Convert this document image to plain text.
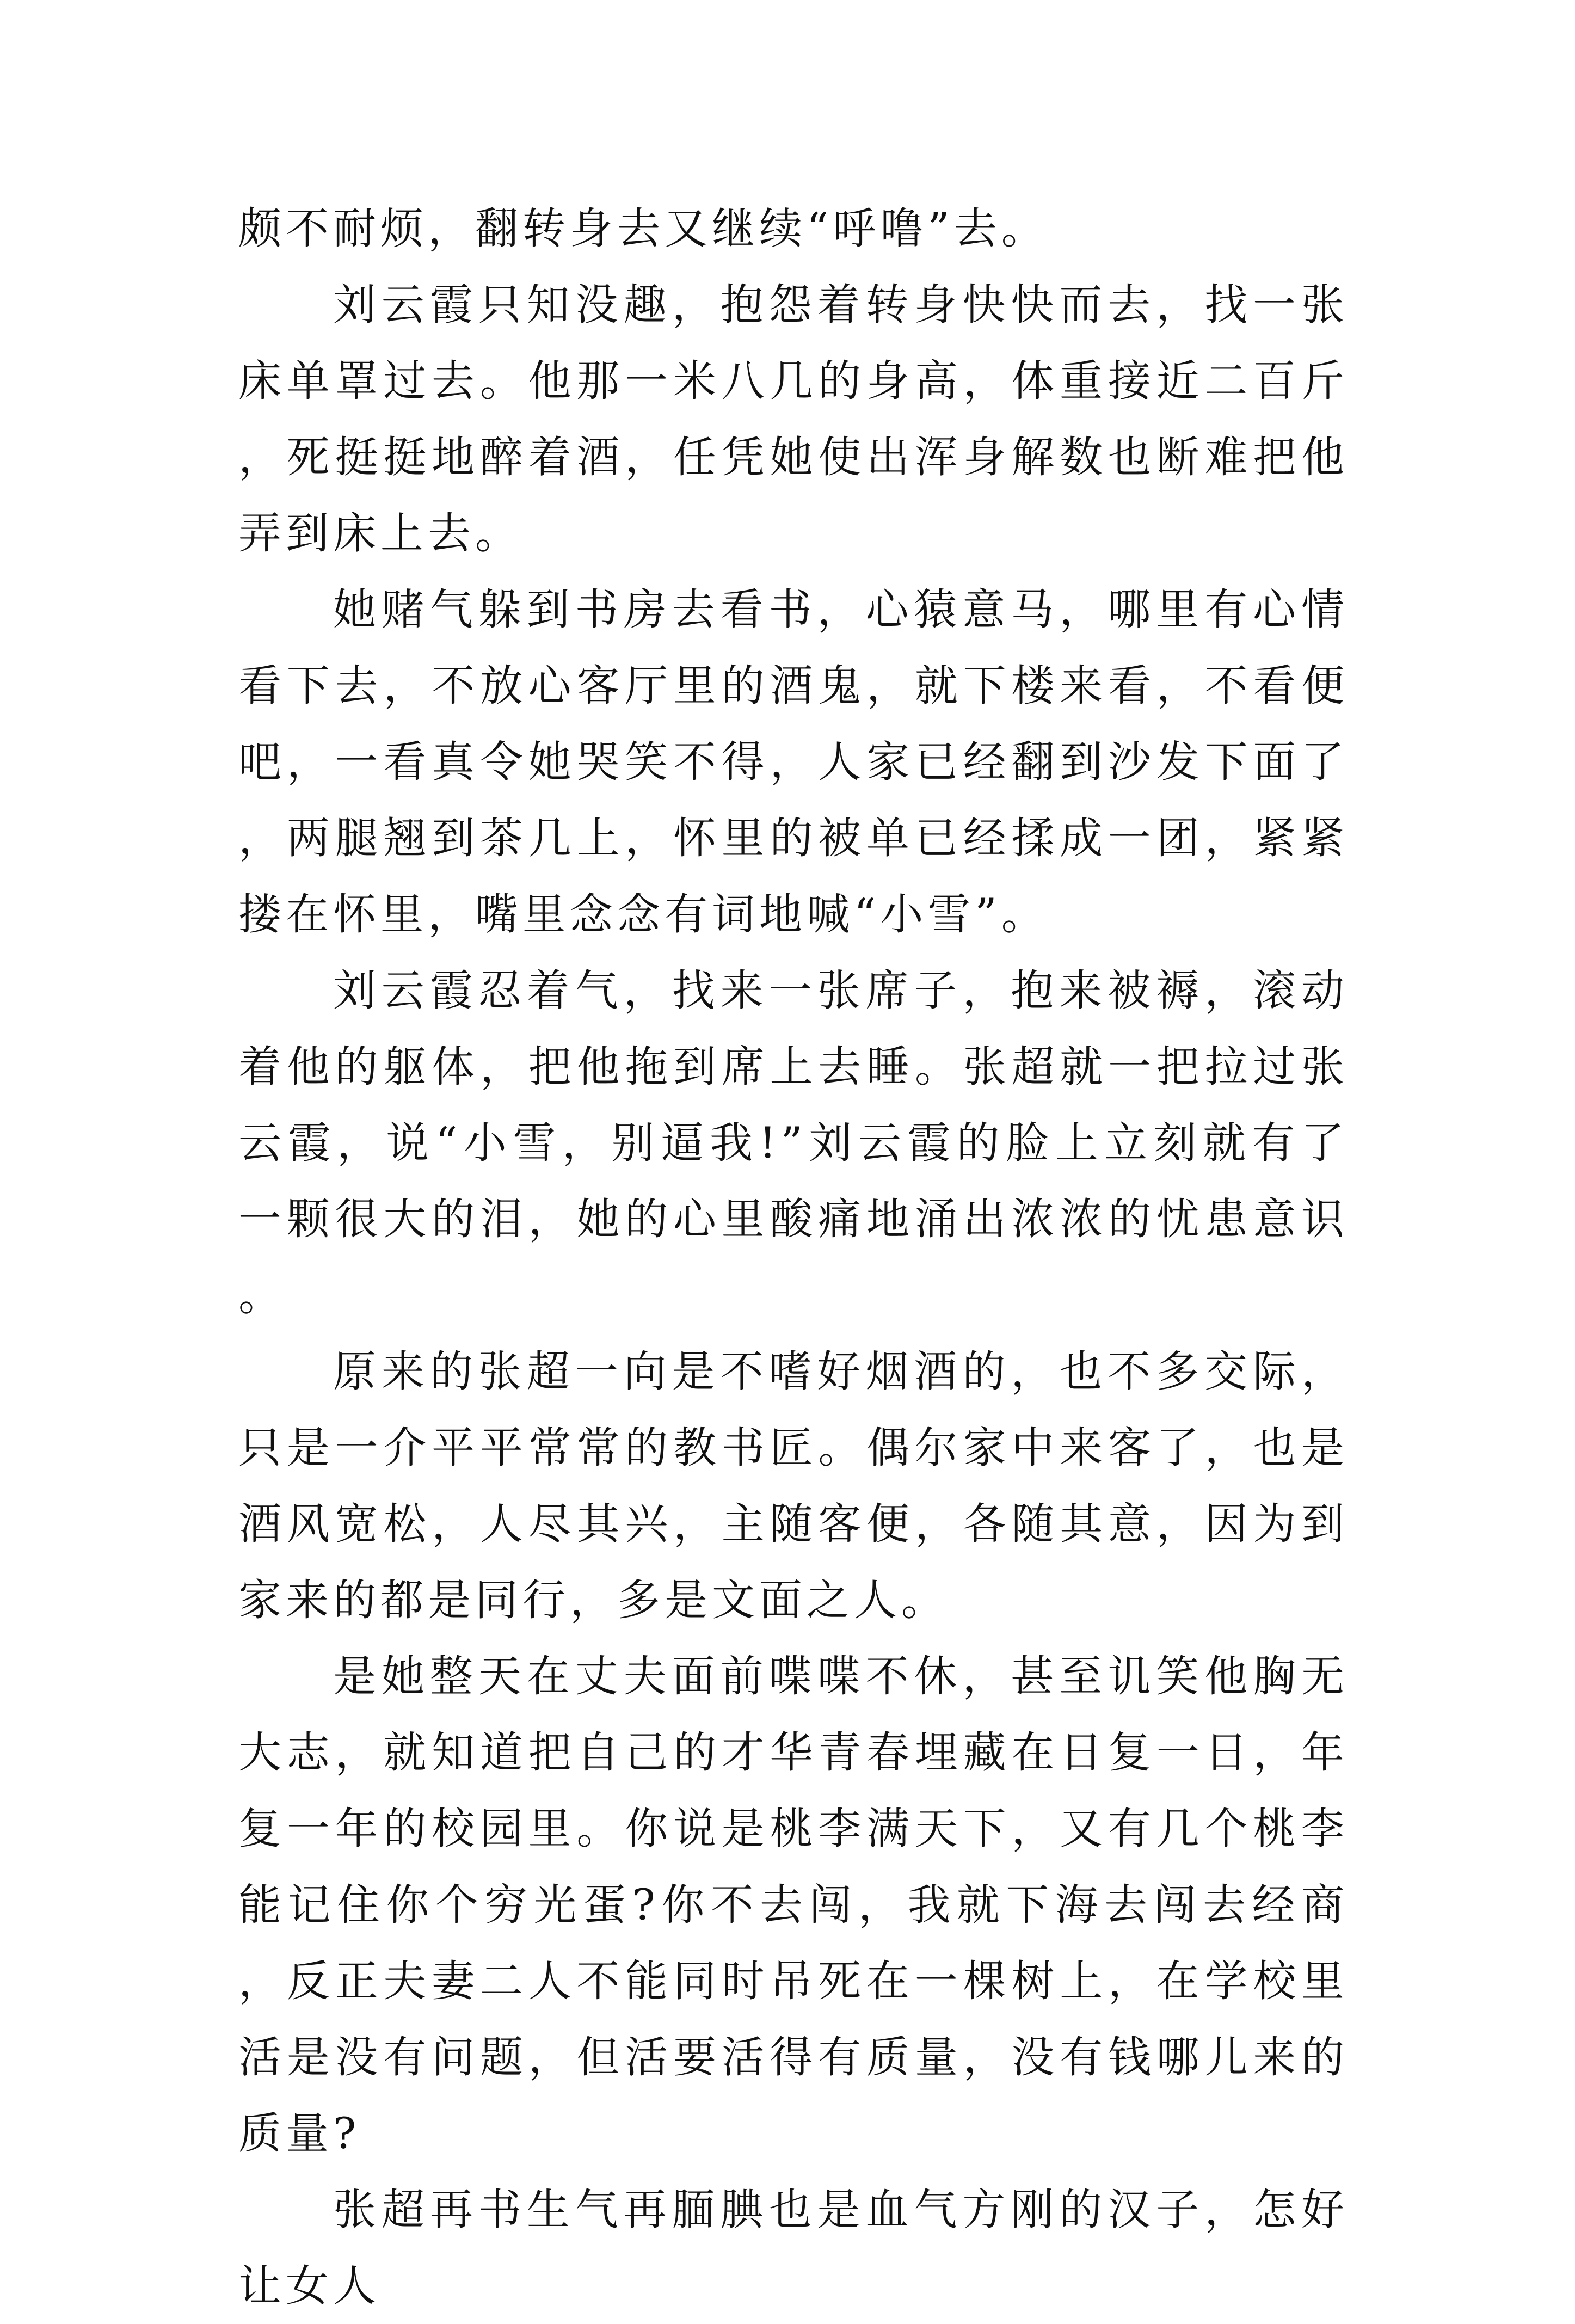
颇不耐烦，翻转身去又继续“呼噜”去。

刘云霞只知没趣，抱怨着转身快快而去，找一张床单罩过去。他那一米八几的身高，体重接近二百斤，死挺挺地醉着酒，任凭她使出浑身解数也断难把他弄到床上去。

她赌气躲到书房去看书，心猿意马，哪里有心情看下去，不放心客厅里的酒鬼，就下楼来看，不看便吧，一看真令她哭笑不得，人家已经翻到沙发下面了，两腿翘到茶几上，怀里的被单已经揉成一团，紧紧搂在怀里，嘴里念念有词地喊“小雪”。

刘云霞忍着气，找来一张席子，抱来被褥，滚动着他的躯体，把他拖到席上去睡。张超就一把拉过张云霞，说“小雪，别逼我!”刘云霞的脸上立刻就有了一颗很大的泪，她的心里酸痛地涌出浓浓的忧患意识。

原来的张超一向是不嗜好烟酒的，也不多交际，只是一介平平常常的教书匠。偶尔家中来客了，也是酒风宽松，人尽其兴，主随客便，各随其意，因为到家来的都是同行，多是文面之人。

是她整天在丈夫面前喋喋不休，甚至讥笑他胸无大志，就知道把自己的才华青春埋藏在日复一日，年复一年的校园里。你说是桃李满天下，又有几个桃李能记住你个穷光蛋?你不去闯，我就下海去闯去经商，反正夫妻二人不能同时吊死在一棵树上，在学校里活是没有问题，但活要活得有质量，没有钱哪儿来的质量?

张超再书生气再腼腆也是血气方刚的汉子，怎好让女人
